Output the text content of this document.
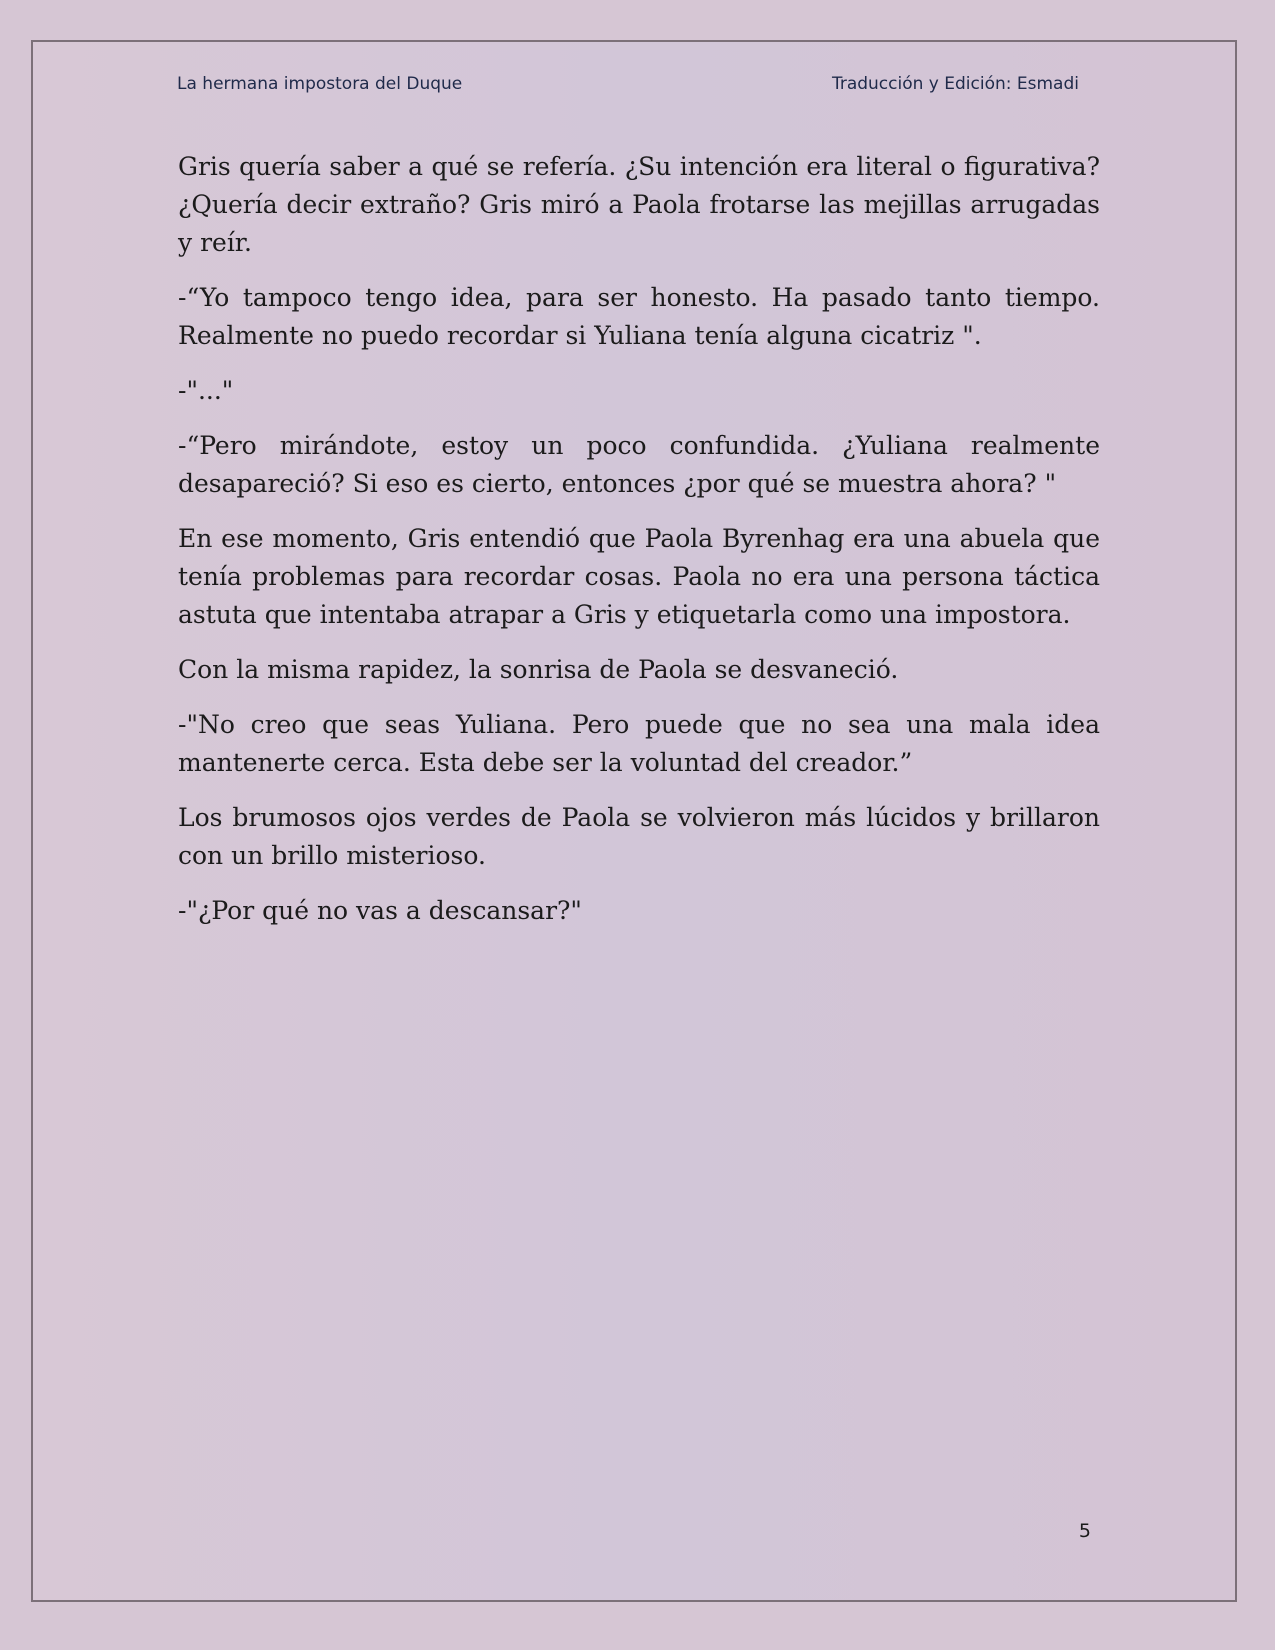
La hermana impostora del Duque	Traducción y Edición: Esmadi

Gris quería saber a qué se refería. ¿Su intención era literal o figurativa? ¿Quería decir extraño? Gris miró a Paola frotarse las mejillas arrugadas y reír.

-“Yo tampoco tengo idea, para ser honesto. Ha pasado tanto tiempo. Realmente no puedo recordar si Yuliana tenía alguna cicatriz ".

-"..."

-“Pero mirándote, estoy un poco confundida. ¿Yuliana realmente desapareció? Si eso es cierto, entonces ¿por qué se muestra ahora? "

En ese momento, Gris entendió que Paola Byrenhag era una abuela que tenía problemas para recordar cosas. Paola no era una persona táctica astuta que intentaba atrapar a Gris y etiquetarla como una impostora.

Con la misma rapidez, la sonrisa de Paola se desvaneció.

-"No creo que seas Yuliana. Pero puede que no sea una mala idea mantenerte cerca. Esta debe ser la voluntad del creador.”

Los brumosos ojos verdes de Paola se volvieron más lúcidos y brillaron con un brillo misterioso.

-"¿Por qué no vas a descansar?"

5
